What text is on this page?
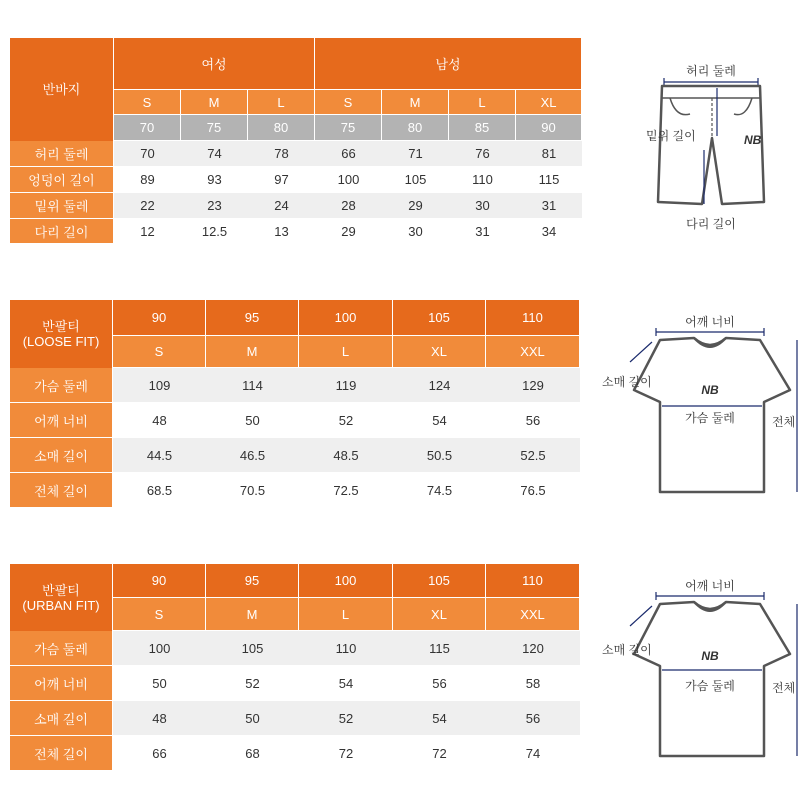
반바지	여성			남성			
	S	M	L	S	M	L	XL
	70	75	80	75	80	85	90
허리 둘레	70	74	78	66	71	76	81
엉덩이 길이	89	93	97	100	105	110	115
밑위 둘레	22	23	24	28	29	30	31
다리 길이	12	12.5	13	29	30	31	34
허리 둘레
밑위 길이	NB
다리 길이
반팔티
(LOOSE FIT)	90	95	100	105	110
	S	M	L	XL	XXL
가슴 둘레	109	114	119	124	129
어깨 너비	48	50	52	54	56
소매 길이	44.5	46.5	48.5	50.5	52.5
전체 길이	68.5	70.5	72.5	74.5	76.5
어깨 너비
소매 길이
NB
가슴 둘레	전체
반팔티
(URBAN FIT)	90	95	100	105	110
	S	M	L	XL	XXL
가슴 둘레	100	105	110	115	120
어깨 너비	50	52	54	56	58
소매 길이	48	50	52	54	56
전체 길이	66	68	72	72	74
어깨 너비
소매 길이	NB
가슴 둘레	전체
